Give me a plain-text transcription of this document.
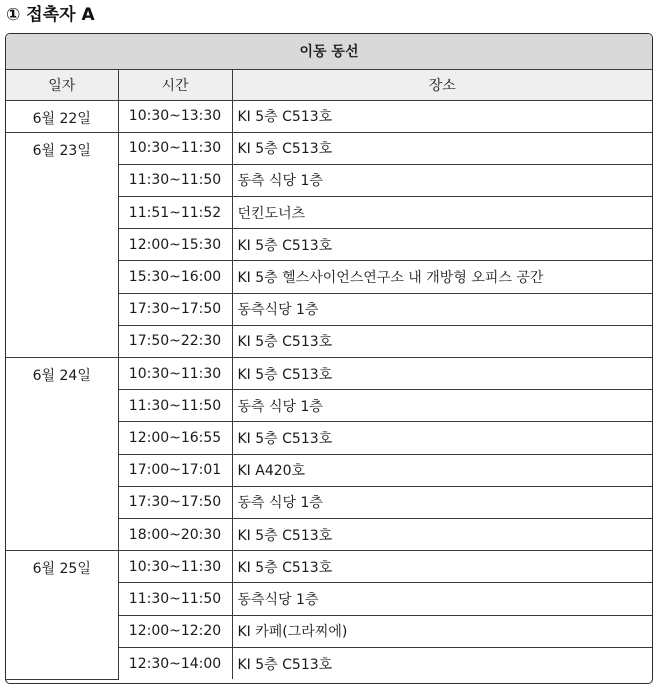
① 접촉자 A
이동 동선		
일자	시간	장소
6월 22일	10:30~13:30	KI 5층 C513호
6월 23일	10:30~11:30	KI 5층 C513호
	11:30~11:50	동측 식당 1층
	11:51~11:52	던킨도너츠
	12:00~15:30	KI 5층 C513호
	15:30~16:00	KI 5층 헬스사이언스연구소 내 개방형 오피스 공간
	17:30~17:50	동측식당 1층
	17:50~22:30	KI 5층 C513호
6월 24일	10:30~11:30	KI 5층 C513호
	11:30~11:50	동측 식당 1층
	12:00~16:55	KI 5층 C513호
	17:00~17:01	KI A420호
	17:30~17:50	동측 식당 1층
	18:00~20:30	KI 5층 C513호
6월 25일	10:30~11:30	KI 5층 C513호
	11:30~11:50	동측식당 1층
	12:00~12:20	KI 카페(그라찌에)
	12:30~14:00	KI 5층 C513호
